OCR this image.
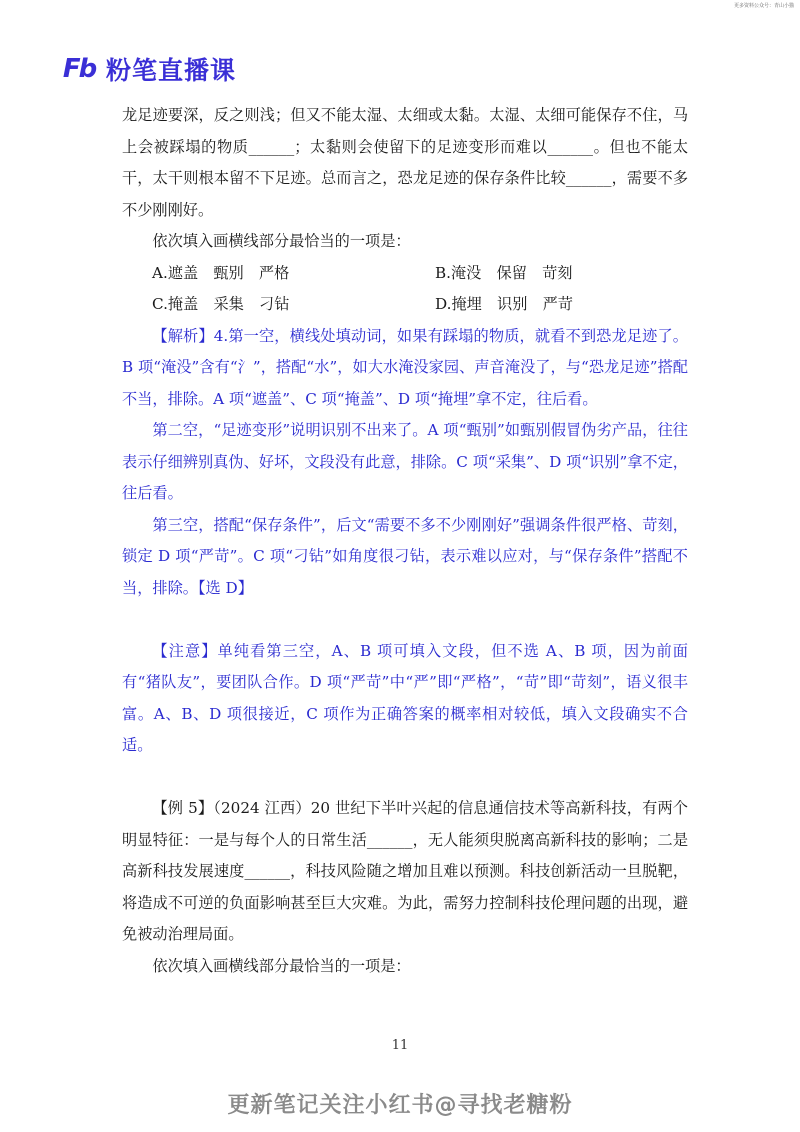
更多资料公众号：青山小猫
Fb 粉笔直播课

龙足迹要深，反之则浅；但又不能太湿、太细或太黏。太湿、太细可能保存不住，马上会被踩塌的物质______；太黏则会使留下的足迹变形而难以______。但也不能太干，太干则根本留不下足迹。总而言之，恐龙足迹的保存条件比较______，需要不多不少刚刚好。

依次填入画横线部分最恰当的一项是：

A.遮盖　甄别　严格	B.淹没　保留　苛刻
C.掩盖　采集　刁钻	D.掩埋　识别　严苛

【解析】4.第一空，横线处填动词，如果有踩塌的物质，就看不到恐龙足迹了。B 项“淹没”含有“氵”，搭配“水”，如大水淹没家园、声音淹没了，与“恐龙足迹”搭配不当，排除。A 项“遮盖”、C 项“掩盖”、D 项“掩埋”拿不定，往后看。

第二空，“足迹变形”说明识别不出来了。A 项“甄别”如甄别假冒伪劣产品，往往表示仔细辨别真伪、好坏，文段没有此意，排除。C 项“采集”、D 项“识别”拿不定，往后看。

第三空，搭配“保存条件”，后文“需要不多不少刚刚好”强调条件很严格、苛刻，锁定 D 项“严苛”。C 项“刁钻”如角度很刁钻，表示难以应对，与“保存条件”搭配不当，排除。【选 D】

【注意】单纯看第三空，A、B 项可填入文段，但不选 A、B 项，因为前面有“猪队友”，要团队合作。D 项“严苛”中“严”即“严格”，“苛”即“苛刻”，语义很丰富。A、B、D 项很接近，C 项作为正确答案的概率相对较低，填入文段确实不合适。

【例 5】（2024 江西）20 世纪下半叶兴起的信息通信技术等高新科技，有两个明显特征：一是与每个人的日常生活______，无人能须臾脱离高新科技的影响；二是高新科技发展速度______，科技风险随之增加且难以预测。科技创新活动一旦脱靶，将造成不可逆的负面影响甚至巨大灾难。为此，需努力控制科技伦理问题的出现，避免被动治理局面。

依次填入画横线部分最恰当的一项是：

11
更新笔记关注小红书@寻找老糖粉
